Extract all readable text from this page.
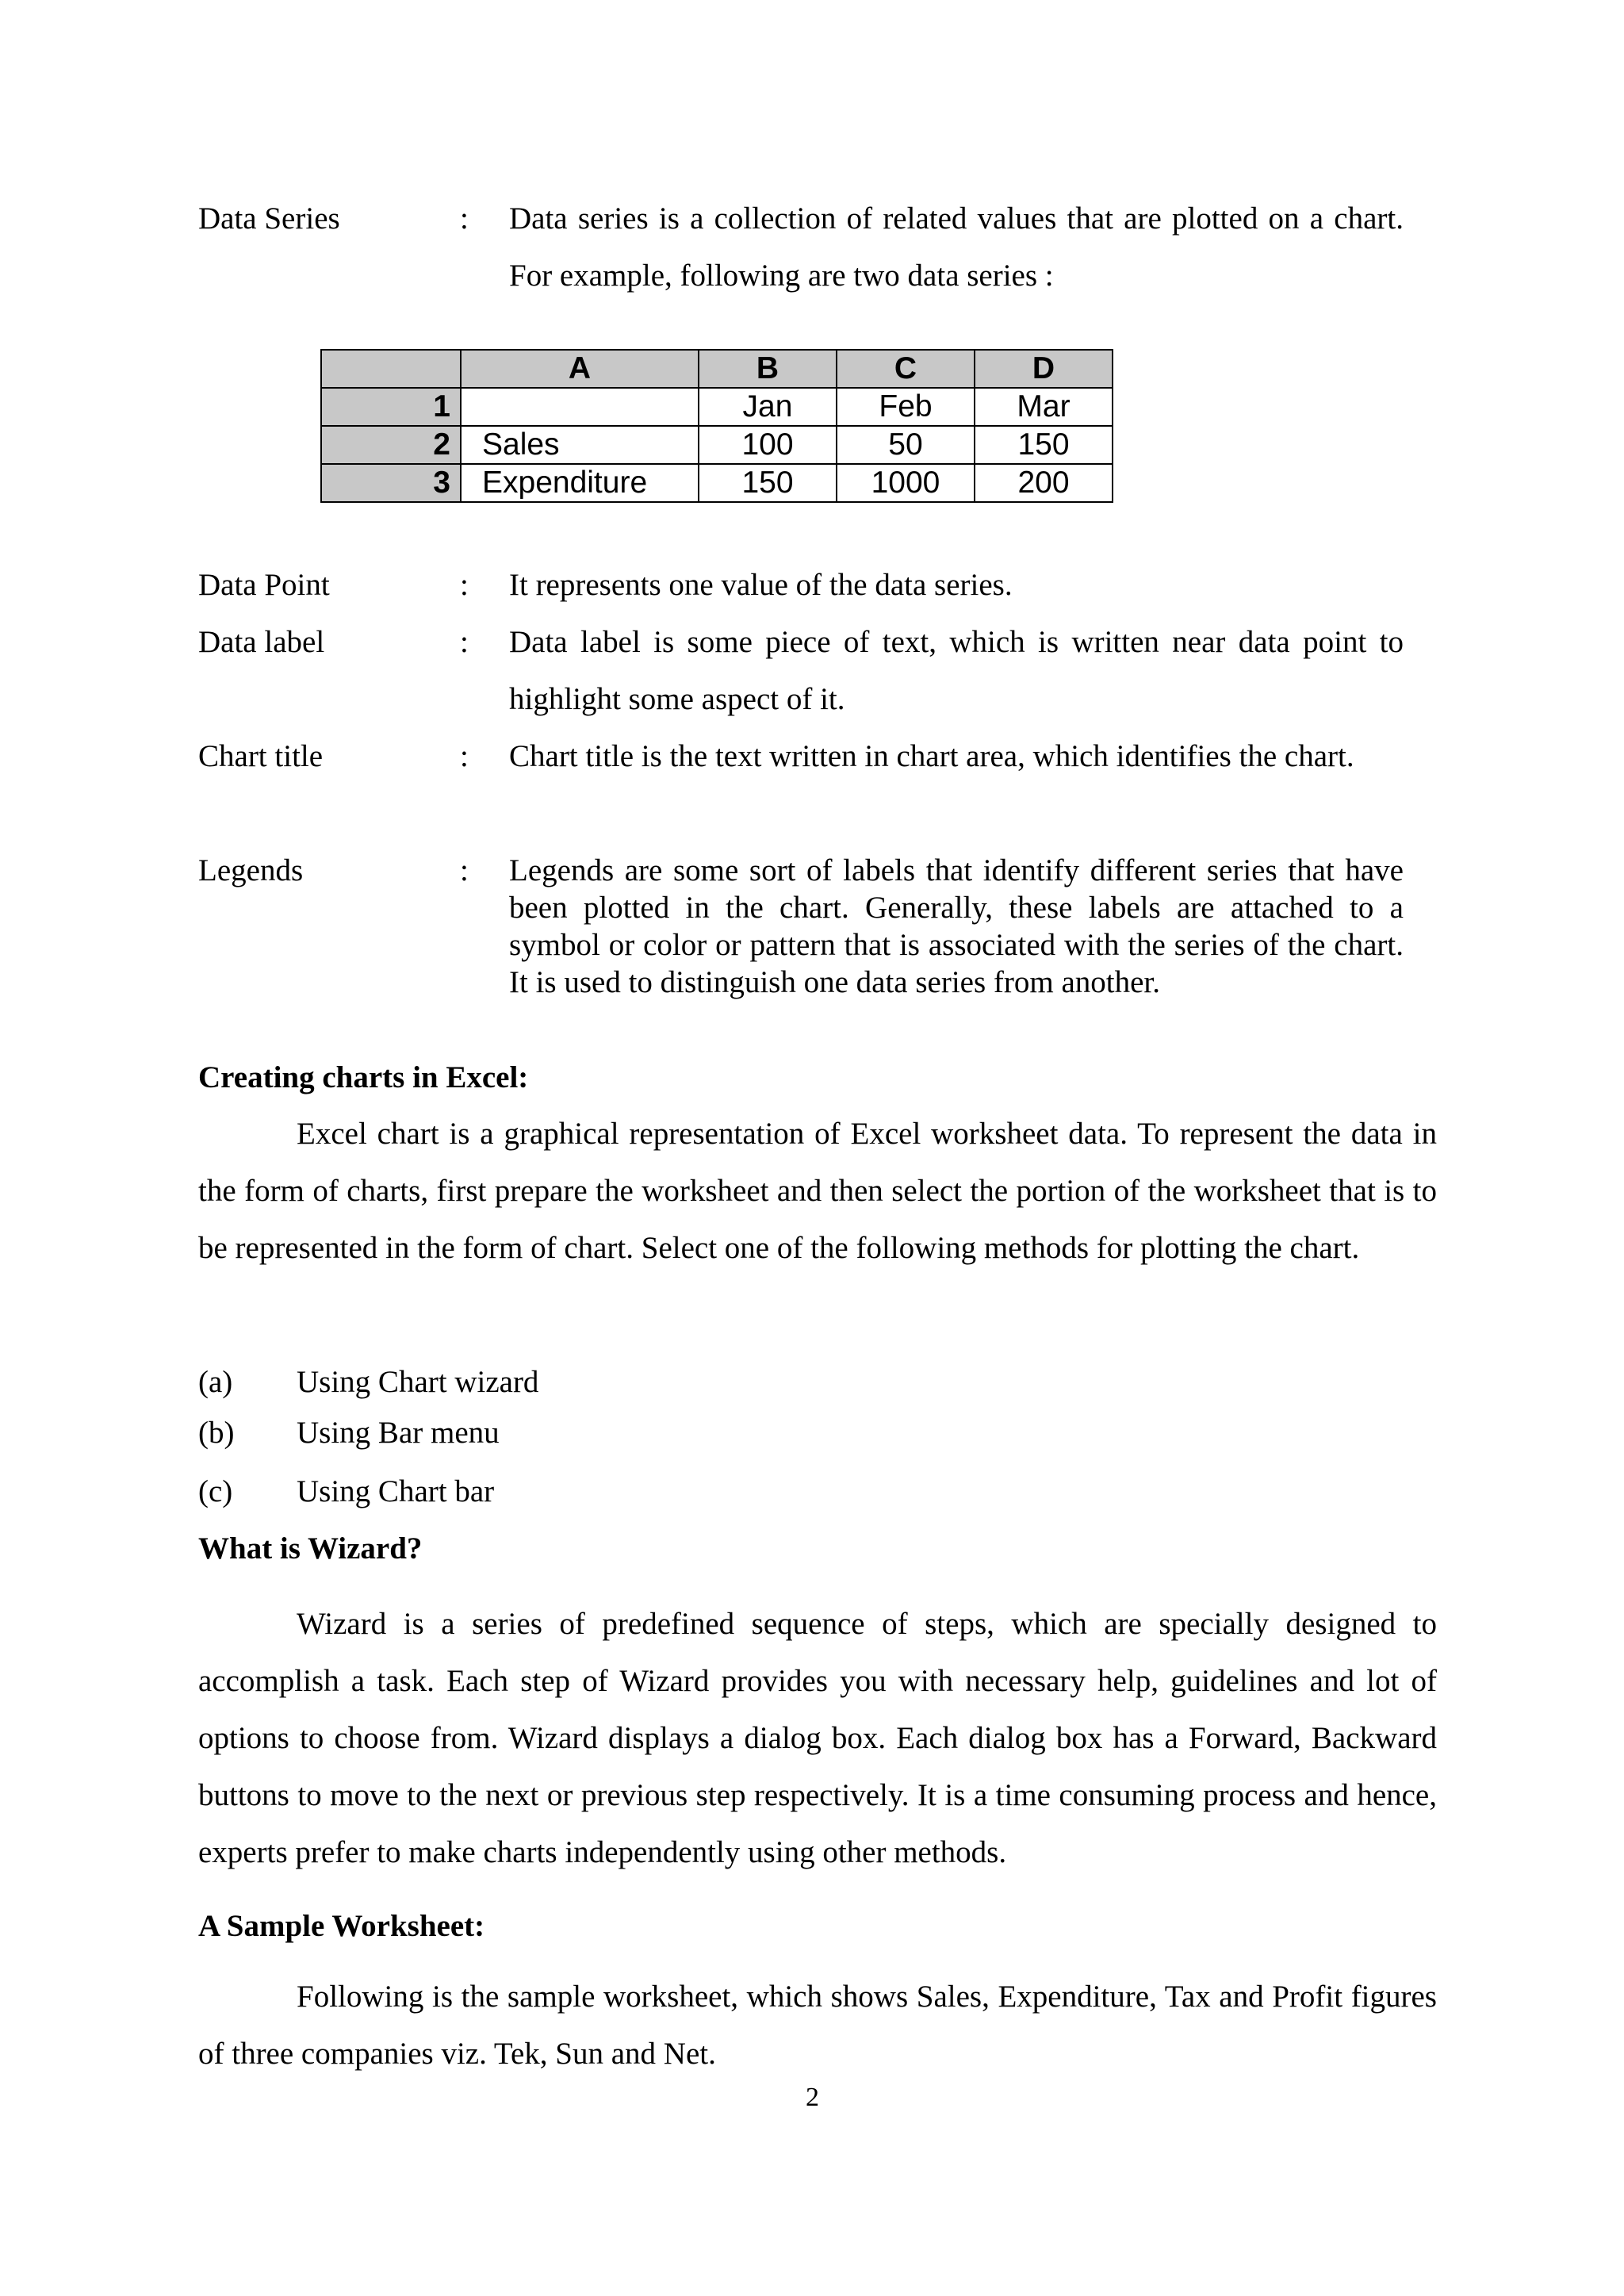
Data Series	: Data series is a collection of related values that are plotted on a chart. For example, following are two data series :
	A	B	C	D
1		Jan	Feb	Mar
2	Sales	100	50	150
3	Expenditure	150	1000	200
Data Point	: It represents one value of the data series.
Data label	: Data label is some piece of text, which is written near data point to highlight some aspect of it.
Chart title	: Chart title is the text written in chart area, which identifies the chart.
Legends	: Legends are some sort of labels that identify different series that have been plotted in the chart. Generally, these labels are attached to a symbol or color or pattern that is associated with the series of the chart. It is used to distinguish one data series from another.
Creating charts in Excel:
Excel chart is a graphical representation of Excel worksheet data. To represent the data in the form of charts, first prepare the worksheet and then select the portion of the worksheet that is to be represented in the form of chart. Select one of the following methods for plotting the chart.
(a) Using Chart wizard
(b) Using Bar menu
(c) Using Chart bar
What is Wizard?
Wizard is a series of predefined sequence of steps, which are specially designed to accomplish a task. Each step of Wizard provides you with necessary help, guidelines and lot of options to choose from. Wizard displays a dialog box. Each dialog box has a Forward, Backward buttons to move to the next or previous step respectively. It is a time consuming process and hence, experts prefer to make charts independently using other methods.
A Sample Worksheet:
Following is the sample worksheet, which shows Sales, Expenditure, Tax and Profit figures of three companies viz. Tek, Sun and Net.
2
